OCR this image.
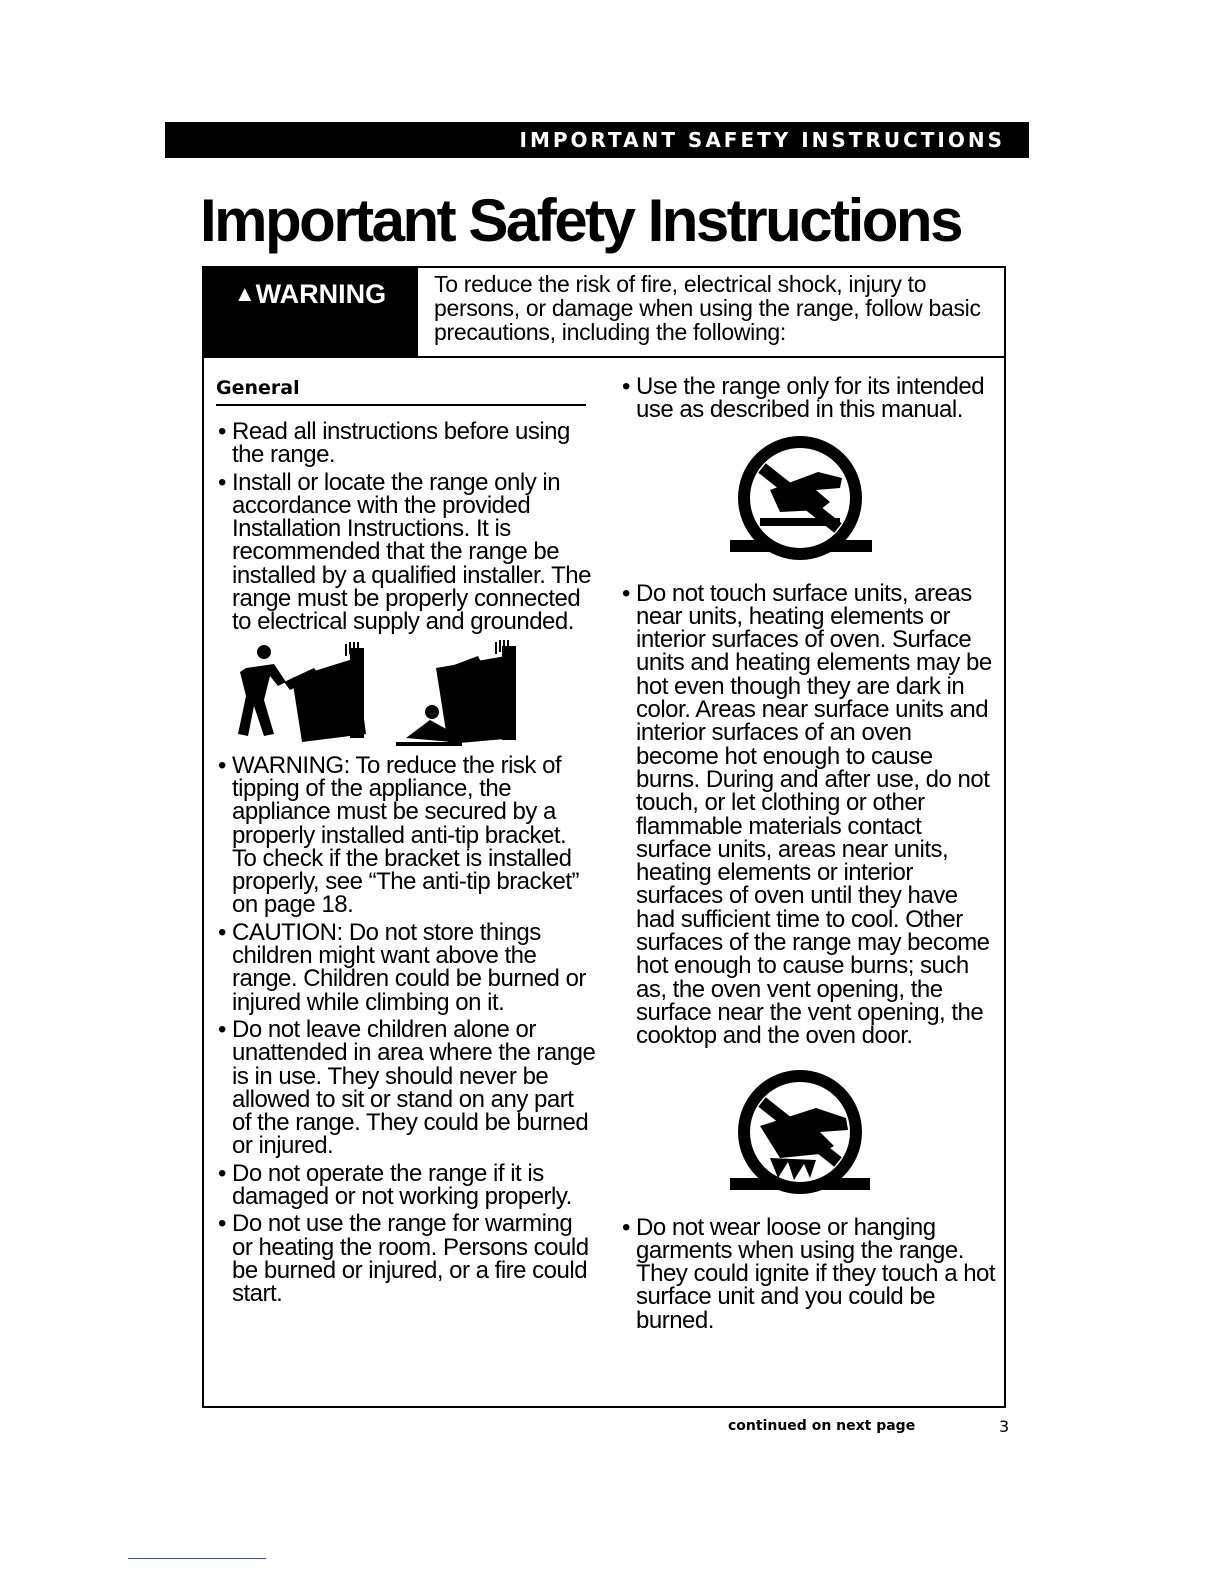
IMPORTANT SAFETY INSTRUCTIONS
Important Safety Instructions
▲WARNING	To reduce the risk of fire, electrical shock, injury to persons, or damage when using the range, follow basic precautions, including the following:
General
• Read all instructions before using the range.
• Install or locate the range only in accordance with the provided Installation Instructions. It is recommended that the range be installed by a qualified installer. The range must be properly connected to electrical supply and grounded.
• WARNING: To reduce the risk of tipping of the appliance, the appliance must be secured by a properly installed anti-tip bracket. To check if the bracket is installed properly, see “The anti-tip bracket” on page 18.
• CAUTION: Do not store things children might want above the range. Children could be burned or injured while climbing on it.
• Do not leave children alone or unattended in area where the range is in use. They should never be allowed to sit or stand on any part of the range. They could be burned or injured.
• Do not operate the range if it is damaged or not working properly.
• Do not use the range for warming or heating the room. Persons could be burned or injured, or a fire could start.
• Use the range only for its intended use as described in this manual.
• Do not touch surface units, areas near units, heating elements or interior surfaces of oven. Surface units and heating elements may be hot even though they are dark in color. Areas near surface units and interior surfaces of an oven become hot enough to cause burns. During and after use, do not touch, or let clothing or other flammable materials contact surface units, areas near units, heating elements or interior surfaces of oven until they have had sufficient time to cool. Other surfaces of the range may become hot enough to cause burns; such as, the oven vent opening, the surface near the vent opening, the cooktop and the oven door.
• Do not wear loose or hanging garments when using the range. They could ignite if they touch a hot surface unit and you could be burned.
continued on next page	3
